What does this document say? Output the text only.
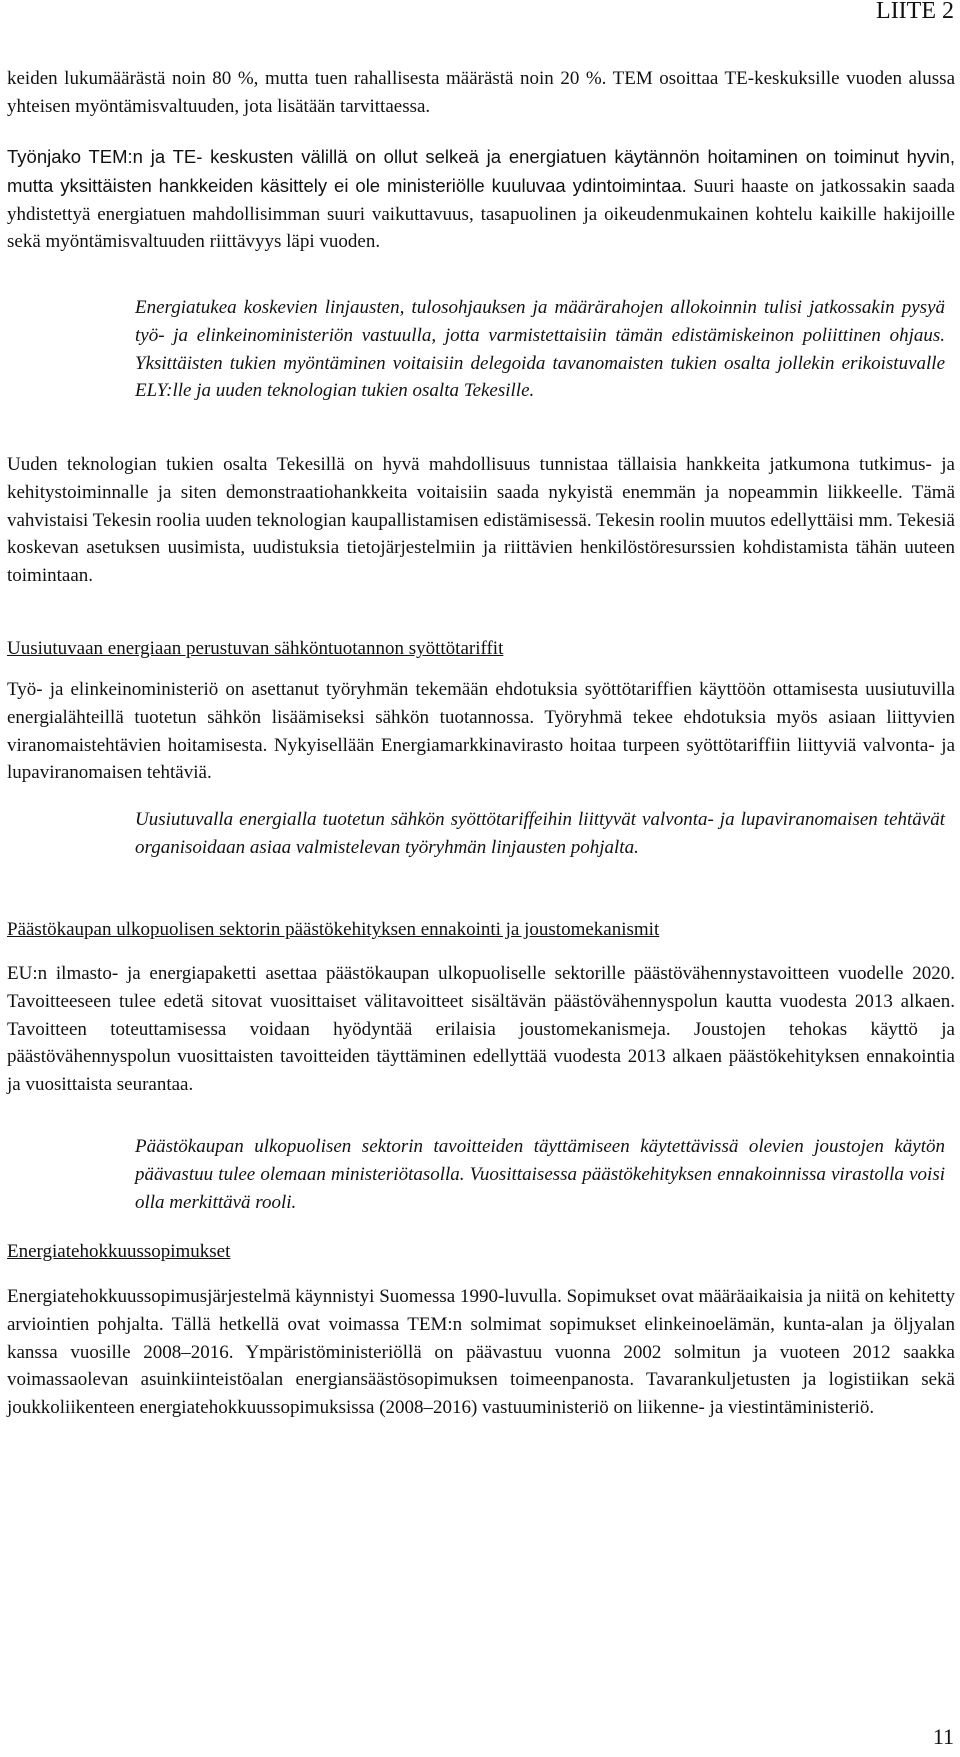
LIITE 2

keiden lukumäärästä noin 80 %, mutta tuen rahallisesta määrästä noin 20 %. TEM osoittaa TE-keskuksille vuoden alussa yhteisen myöntämisvaltuuden, jota lisätään tarvittaessa.

Työnjako TEM:n ja TE- keskusten välillä on ollut selkeä ja energiatuen käytännön hoitaminen on toiminut hyvin, mutta yksittäisten hankkeiden käsittely ei ole ministeriölle kuuluvaa ydintoimintaa. Suuri haaste on jatkossakin saada yhdistettyä energiatuen mahdollisimman suuri vaikuttavuus, tasapuolinen ja oikeudenmukainen kohtelu kaikille hakijoille sekä myöntämisvaltuuden riittävyys läpi vuoden.

Energiatukea koskevien linjausten, tulosohjauksen ja määrärahojen allokoinnin tulisi jatkossakin pysyä työ- ja elinkeinoministeriön vastuulla, jotta varmistettaisiin tämän edistämiskeinon poliittinen ohjaus. Yksittäisten tukien myöntäminen voitaisiin delegoida tavanomaisten tukien osalta jollekin erikoistuvalle ELY:lle ja uuden teknologian tukien osalta Tekesille.

Uuden teknologian tukien osalta Tekesillä on hyvä mahdollisuus tunnistaa tällaisia hankkeita jatkumona tutkimus- ja kehitystoiminnalle ja siten demonstraatiohankkeita voitaisiin saada nykyistä enemmän ja nopeammin liikkeelle. Tämä vahvistaisi Tekesin roolia uuden teknologian kaupallistamisen edistämisessä. Tekesin roolin muutos edellyttäisi mm. Tekesiä koskevan asetuksen uusimista, uudistuksia tietojärjestelmiin ja riittävien henkilöstöresurssien kohdistamista tähän uuteen toimintaan.

Uusiutuvaan energiaan perustuvan sähköntuotannon syöttötariffit

Työ- ja elinkeinoministeriö on asettanut työryhmän tekemään ehdotuksia syöttötariffien käyttöön ottamisesta uusiutuvilla energialähteillä tuotetun sähkön lisäämiseksi sähkön tuotannossa. Työryhmä tekee ehdotuksia myös asiaan liittyvien viranomaistehtävien hoitamisesta. Nykyisellään Energiamarkkinavirasto hoitaa turpeen syöttötariffiin liittyviä valvonta- ja lupaviranomaisen tehtäviä.

Uusiutuvalla energialla tuotetun sähkön syöttötariffeihin liittyvät valvonta- ja lupaviranomaisen tehtävät organisoidaan asiaa valmistelevan työryhmän linjausten pohjalta.

Päästökaupan ulkopuolisen sektorin päästökehityksen ennakointi ja joustomekanismit

EU:n ilmasto- ja energiapaketti asettaa päästökaupan ulkopuoliselle sektorille päästövähennystavoitteen vuodelle 2020. Tavoitteeseen tulee edetä sitovat vuosittaiset välitavoitteet sisältävän päästövähennyspolun kautta vuodesta 2013 alkaen. Tavoitteen toteuttamisessa voidaan hyödyntää erilaisia joustomekanismeja. Joustojen tehokas käyttö ja päästövähennyspolun vuosittaisten tavoitteiden täyttäminen edellyttää vuodesta 2013 alkaen päästökehityksen ennakointia ja vuosittaista seurantaa.

Päästökaupan ulkopuolisen sektorin tavoitteiden täyttämiseen käytettävissä olevien joustojen käytön päävastuu tulee olemaan ministeriötasolla. Vuosittaisessa päästökehityksen ennakoinnissa virastolla voisi olla merkittävä rooli.

Energiatehokkuussopimukset

Energiatehokkuussopimusjärjestelmä käynnistyi Suomessa 1990-luvulla. Sopimukset ovat määräaikaisia ja niitä on kehitetty arviointien pohjalta. Tällä hetkellä ovat voimassa TEM:n solmimat sopimukset elinkeinoelämän, kunta-alan ja öljyalan kanssa vuosille 2008–2016. Ympäristöministeriöllä on päävastuu vuonna 2002 solmitun ja vuoteen 2012 saakka voimassaolevan asuinkiinteistöalan energiansäästösopimuksen toimeenpanosta. Tavarankuljetusten ja logistiikan sekä joukkoliikenteen energiatehokkuussopimuksissa (2008–2016) vastuuministeriö on liikenne- ja viestintäministeriö.

11
